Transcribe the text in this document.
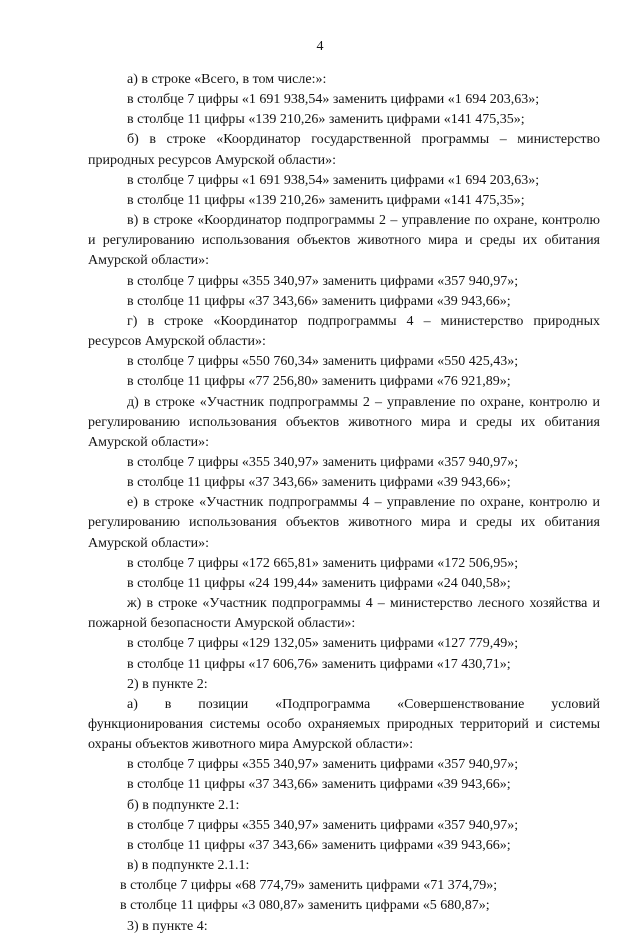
4

а) в строке «Всего, в том числе:»:

в столбце 7 цифры «1 691 938,54» заменить цифрами «1 694 203,63»;

в столбце 11 цифры «139 210,26» заменить цифрами «141 475,35»;

б) в строке «Координатор государственной программы – министерство природных ресурсов Амурской области»:

в столбце 7 цифры «1 691 938,54» заменить цифрами «1 694 203,63»;

в столбце 11 цифры «139 210,26» заменить цифрами «141 475,35»;

в) в строке «Координатор подпрограммы 2 – управление по охране, контролю и регулированию использования объектов животного мира и среды их обитания Амурской области»:

в столбце 7 цифры «355 340,97» заменить цифрами «357 940,97»;

в столбце 11 цифры «37 343,66» заменить цифрами «39 943,66»;

г) в строке «Координатор подпрограммы 4 – министерство природных ресурсов Амурской области»:

в столбце 7 цифры «550 760,34» заменить цифрами «550 425,43»;

в столбце 11 цифры «77 256,80» заменить цифрами «76 921,89»;

д) в строке «Участник подпрограммы 2 – управление по охране, контролю и регулированию использования объектов животного мира и среды их обитания Амурской области»:

в столбце 7 цифры «355 340,97» заменить цифрами «357 940,97»;

в столбце 11 цифры «37 343,66» заменить цифрами «39 943,66»;

е) в строке «Участник подпрограммы 4 – управление по охране, контролю и регулированию использования объектов животного мира и среды их обитания Амурской области»:

в столбце 7 цифры «172 665,81» заменить цифрами «172 506,95»;

в столбце 11 цифры «24 199,44» заменить цифрами «24 040,58»;

ж) в строке «Участник подпрограммы 4 – министерство лесного хозяйства и пожарной безопасности Амурской области»:

в столбце 7 цифры «129 132,05» заменить цифрами «127 779,49»;

в столбце 11 цифры «17 606,76» заменить цифрами «17 430,71»;

2) в пункте 2:

а) в позиции «Подпрограмма «Совершенствование условий функционирования системы особо охраняемых природных территорий и системы охраны объектов животного мира Амурской области»:

в столбце 7 цифры «355 340,97» заменить цифрами «357 940,97»;

в столбце 11 цифры «37 343,66» заменить цифрами «39 943,66»;

б) в подпункте 2.1:

в столбце 7 цифры «355 340,97» заменить цифрами «357 940,97»;

в столбце 11 цифры «37 343,66» заменить цифрами «39 943,66»;

в) в подпункте 2.1.1:

в столбце 7 цифры «68 774,79» заменить цифрами «71 374,79»;

в столбце 11 цифры «3 080,87» заменить цифрами «5 680,87»;

3) в пункте 4:
